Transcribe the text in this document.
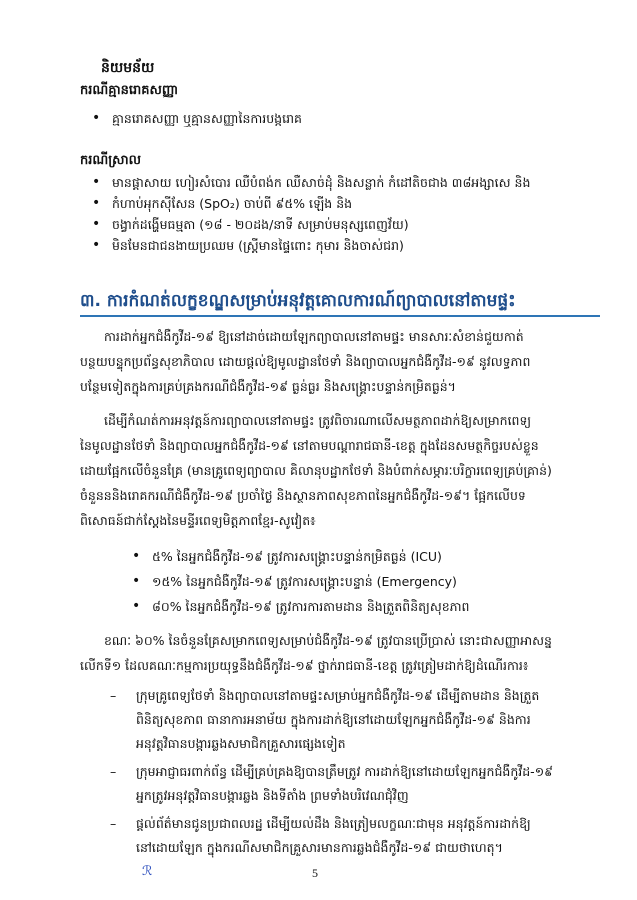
និយមន័យ
ករណីគ្មានរោគសញ្ញា
• គ្មានរោគសញ្ញា ឬគ្មានសញ្ញានៃការបង្ករោគ
ករណីស្រាល
• មានផ្តាសាយ ហៀរសំបោរ ឈឺបំពង់ក ឈឺសាច់ដុំ និងសន្លាក់ កំដៅតិចជាង ៣៨អង្សាសេ និង
• កំហាប់អុកស៊ីសែន (SpO₂) ចាប់ពី ៩៥% ឡើង និង
• ចង្វាក់ដង្ហើមធម្មតា (១៨ - ២០ដង/នាទី សម្រាប់មនុស្សពេញវ័យ)
• មិនមែនជាជនងាយប្រឈម (ស្ត្រីមានផ្ទៃពោះ កុមារ និងចាស់ជរា)
៣. ការកំណត់លក្ខខណ្ឌសម្រាប់អនុវត្តគោលការណ៍ព្យាបាលនៅតាមផ្ទះ
ការដាក់អ្នកជំងឺកូវីដ-១៩ ឱ្យនៅដាច់ដោយឡែកព្យាបាលនៅតាមផ្ទះ មានសារៈសំខាន់ជួយកាត់
បន្ថយបន្ទុកប្រព័ន្ធសុខាភិបាល ដោយផ្តល់ឱ្យមូលដ្ឋានថែទាំ និងព្យាបាលអ្នកជំងឺកូវីដ-១៩ នូវលទ្ធភាព
បន្ថែមទៀតក្នុងការគ្រប់គ្រងករណីជំងឺកូវីដ-១៩ ធ្ងន់ធ្ងរ និងសង្គ្រោះបន្ទាន់កម្រិតធ្ងន់។
ដើម្បីកំណត់ការអនុវត្តន៍ការព្យាបាលនៅតាមផ្ទះ ត្រូវពិចារណាលើសមត្ថភាពដាក់ឱ្យសម្រាកពេទ្យ
នៃមូលដ្ឋានថែទាំ និងព្យាបាលអ្នកជំងឺកូវីដ-១៩ នៅតាមបណ្តារាជធានី-ខេត្ត ក្នុងដែនសមត្ថកិច្ចរបស់ខ្លួន
ដោយផ្អែកលើចំនួនគ្រែ (មានគ្រូពេទ្យព្យាបាល គិលានុបដ្ឋាកថែទាំ និងបំពាក់សម្ភារៈបរិក្ខារពេទ្យគ្រប់គ្រាន់)
ចំនួនននិងរោគករណីជំងឺកូវីដ-១៩ ប្រចាំថ្ងៃ និងស្ថានភាពសុខភាពនៃអ្នកជំងឺកូវីដ-១៩។ ផ្អែកលើបទ
ពិសោធន៍ជាក់ស្តែងនៃមន្ទីរពេទ្យមិត្តភាពខ្មែរ-សូវៀត៖
• ៥% នៃអ្នកជំងឺកូវីដ-១៩ ត្រូវការសង្គ្រោះបន្ទាន់កម្រិតធ្ងន់ (ICU)
• ១៥% នៃអ្នកជំងឺកូវីដ-១៩ ត្រូវការសង្គ្រោះបន្ទាន់ (Emergency)
• ៨០% នៃអ្នកជំងឺកូវីដ-១៩ ត្រូវការការតាមដាន និងត្រួតពិនិត្យសុខភាព
ខណៈ ៦០% នៃចំនួនគ្រែសម្រាកពេទ្យសម្រាប់ជំងឺកូវីដ-១៩ ត្រូវបានប្រើប្រាស់ នោះជាសញ្ញាអាសន្ន
លើកទី១ ដែលគណៈកម្មការប្រយុទ្ធនឹងជំងឺកូវីដ-១៩ ថ្នាក់រាជធានី-ខេត្ត ត្រូវត្រៀមដាក់ឱ្យដំណើរការ៖
– ក្រុមគ្រូពេទ្យថែទាំ និងព្យាបាលនៅតាមផ្ទះសម្រាប់អ្នកជំងឺកូវីដ-១៩ ដើម្បីតាមដាន និងត្រួត
ពិនិត្យសុខភាព ធានាការអនាម័យ ក្នុងការដាក់ឱ្យនៅដោយឡែកអ្នកជំងឺកូវីដ-១៩ និងការ
អនុវត្តវិធានបង្ការឆ្លងសមាជិកគ្រួសារផ្សេងទៀត
– ក្រុមអាជ្ញាធរពាក់ព័ន្ធ ដើម្បីគ្រប់គ្រងឱ្យបានត្រឹមត្រូវ ការដាក់ឱ្យនៅដោយឡែកអ្នកជំងឺកូវីដ-១៩
អ្នកត្រូវអនុវត្តវិធានបង្ការឆ្លង និងទីតាំង ព្រមទាំងបរិវេណជុំវិញ
– ផ្តល់ព័ត៌មានជូនប្រជាពលរដ្ឋ ដើម្បីយល់ដឹង និងត្រៀមលក្ខណៈជាមុន អនុវត្តន៍ការដាក់ឱ្យ
នៅដោយឡែក ក្នុងករណីសមាជិកគ្រួសារមានការឆ្លងជំងឺកូវីដ-១៩ ជាយថាហេតុ។
ℛ	5
